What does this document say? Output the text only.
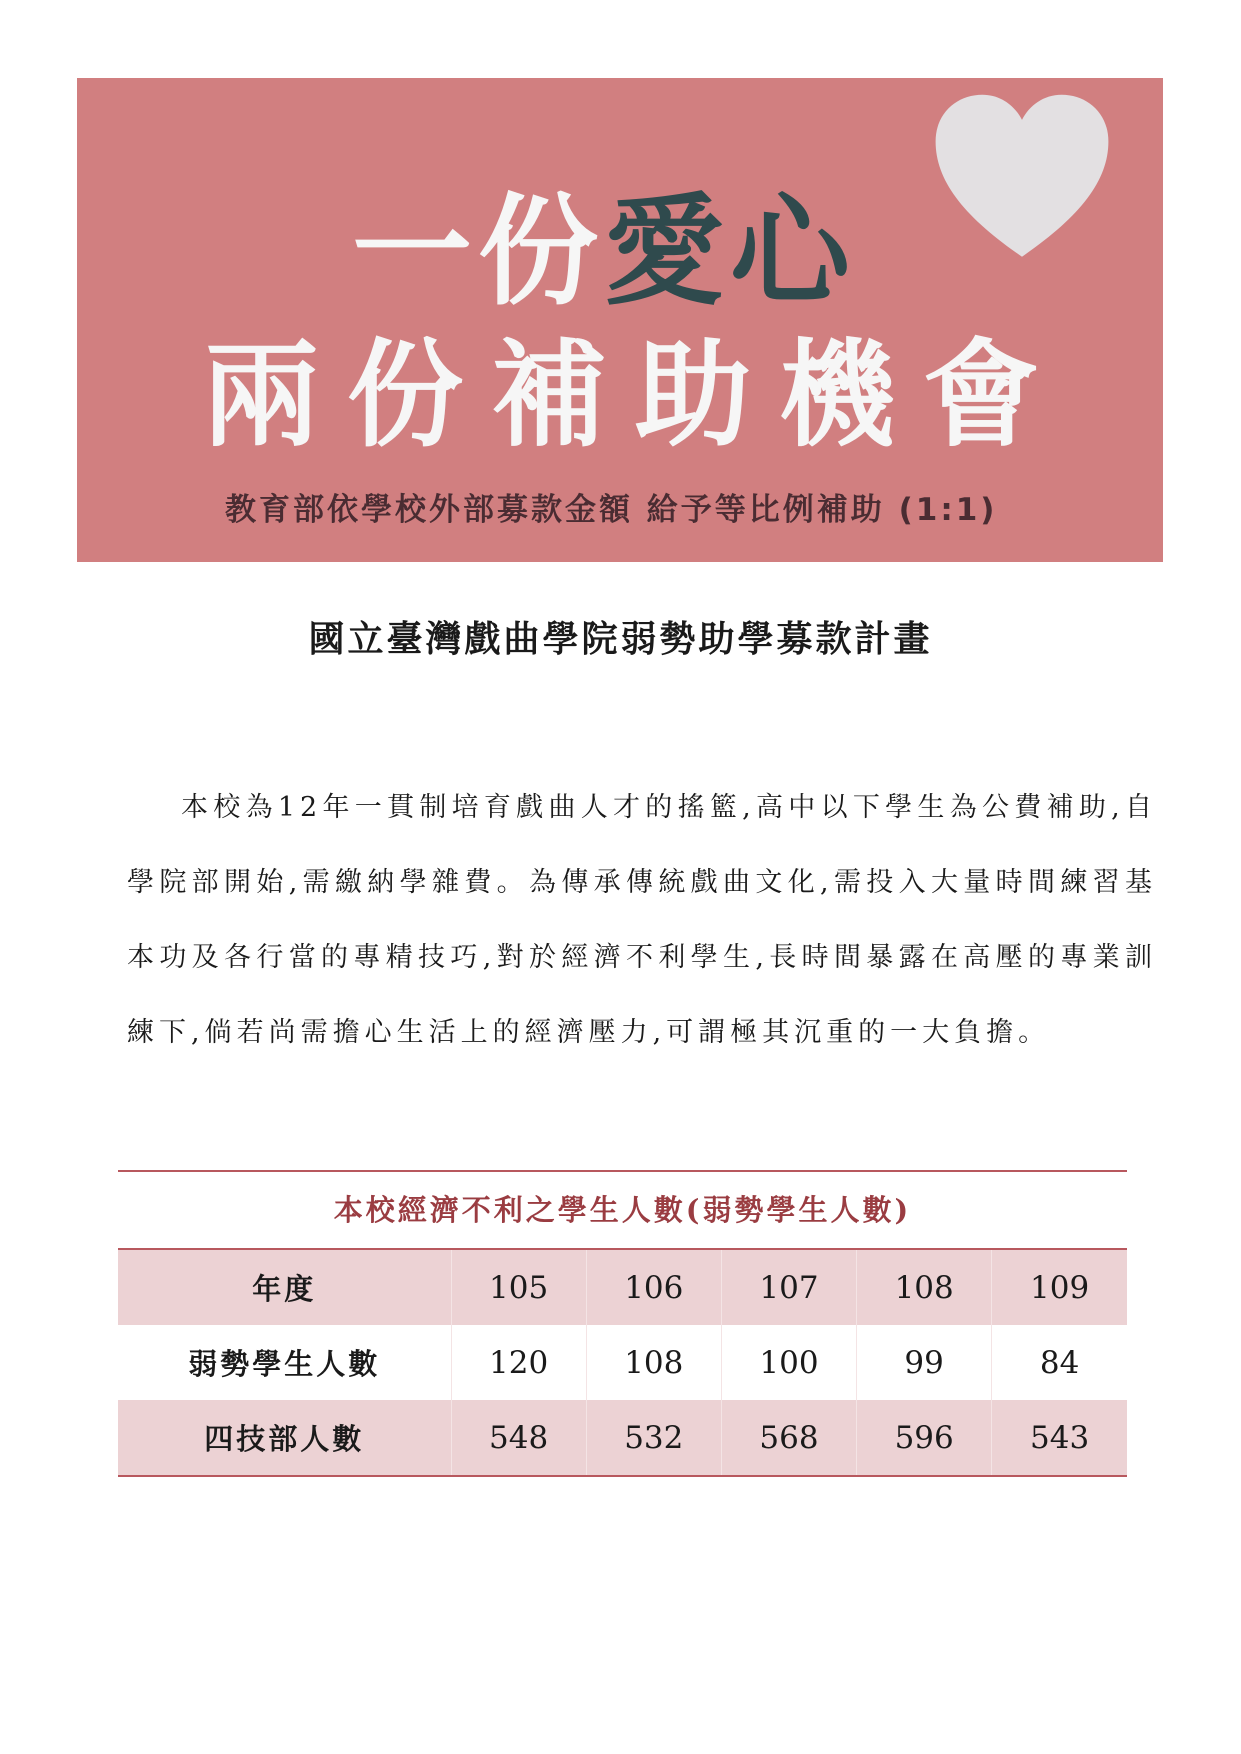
一份愛心
兩份補助機會
教育部依學校外部募款金額 給予等比例補助 (1:1)
國立臺灣戲曲學院弱勢助學募款計畫

本校為12年一貫制培育戲曲人才的搖籃,高中以下學生為公費補助,自學院部開始,需繳納學雜費。為傳承傳統戲曲文化,需投入大量時間練習基本功及各行當的專精技巧,對於經濟不利學生,長時間暴露在高壓的專業訓練下,倘若尚需擔心生活上的經濟壓力,可謂極其沉重的一大負擔。

本校經濟不利之學生人數(弱勢學生人數)
年度	105	106	107	108	109
弱勢學生人數	120	108	100	99	84
四技部人數	548	532	568	596	543
